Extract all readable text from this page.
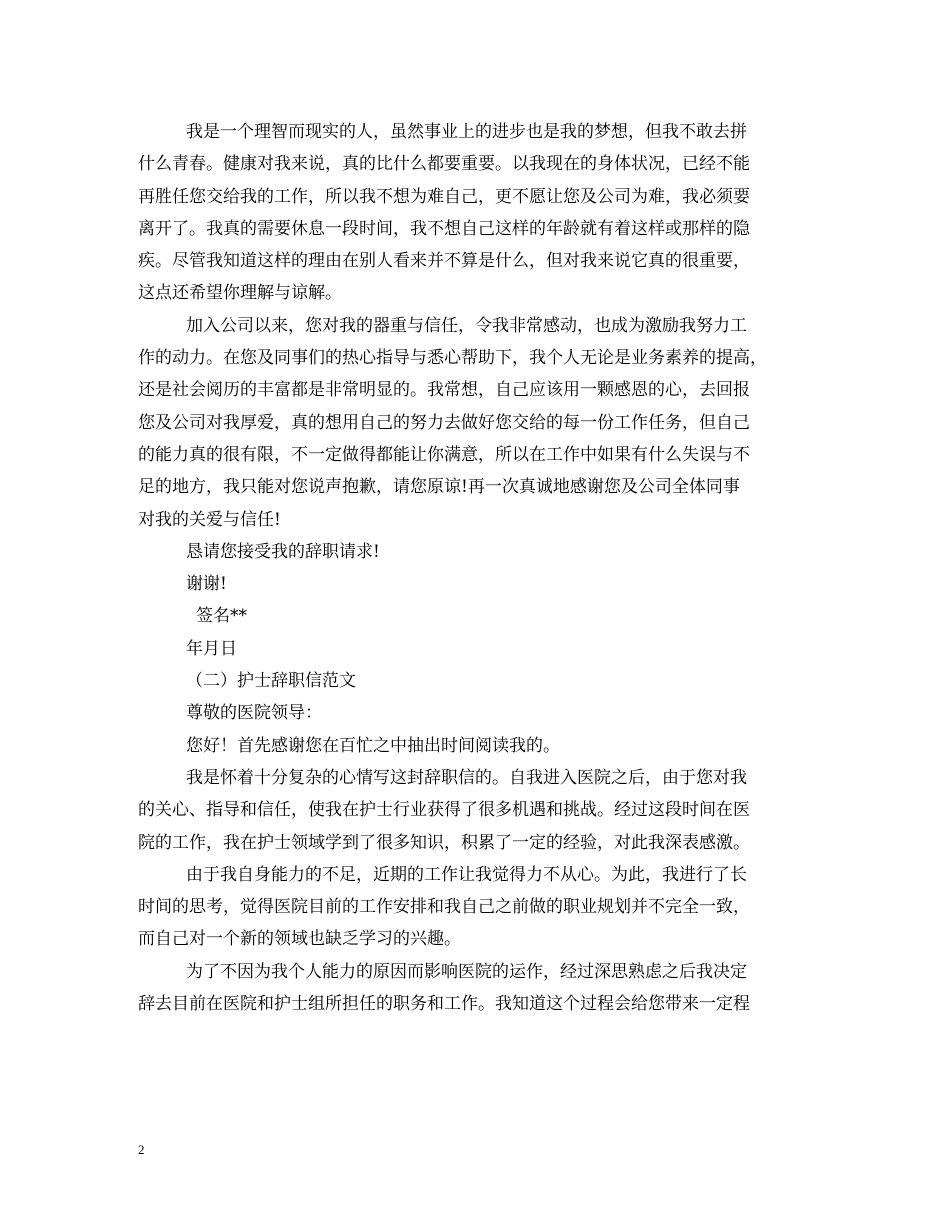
我是一个理智而现实的人，虽然事业上的进步也是我的梦想，但我不敢去拼
什么青春。健康对我来说，真的比什么都要重要。以我现在的身体状况，已经不能
再胜任您交给我的工作，所以我不想为难自己，更不愿让您及公司为难，我必须要
离开了。我真的需要休息一段时间，我不想自己这样的年龄就有着这样或那样的隐
疾。尽管我知道这样的理由在别人看来并不算是什么，但对我来说它真的很重要，
这点还希望你理解与谅解。
加入公司以来，您对我的器重与信任，令我非常感动，也成为激励我努力工
作的动力。在您及同事们的热心指导与悉心帮助下，我个人无论是业务素养的提高，
还是社会阅历的丰富都是非常明显的。我常想，自己应该用一颗感恩的心，去回报
您及公司对我厚爱，真的想用自己的努力去做好您交给的每一份工作任务，但自己
的能力真的很有限，不一定做得都能让你满意，所以在工作中如果有什么失误与不
足的地方，我只能对您说声抱歉，请您原谅!再一次真诚地感谢您及公司全体同事
对我的关爱与信任!
恳请您接受我的辞职请求!
谢谢!
签名**
年月日
（二）护士辞职信范文
尊敬的医院领导：
您好！首先感谢您在百忙之中抽出时间阅读我的。
我是怀着十分复杂的心情写这封辞职信的。自我进入医院之后，由于您对我
的关心、指导和信任，使我在护士行业获得了很多机遇和挑战。经过这段时间在医
院的工作，我在护士领域学到了很多知识，积累了一定的经验，对此我深表感激。
由于我自身能力的不足，近期的工作让我觉得力不从心。为此，我进行了长
时间的思考，觉得医院目前的工作安排和我自己之前做的职业规划并不完全一致，
而自己对一个新的领域也缺乏学习的兴趣。
为了不因为我个人能力的原因而影响医院的运作，经过深思熟虑之后我决定
辞去目前在医院和护士组所担任的职务和工作。我知道这个过程会给您带来一定程
2
